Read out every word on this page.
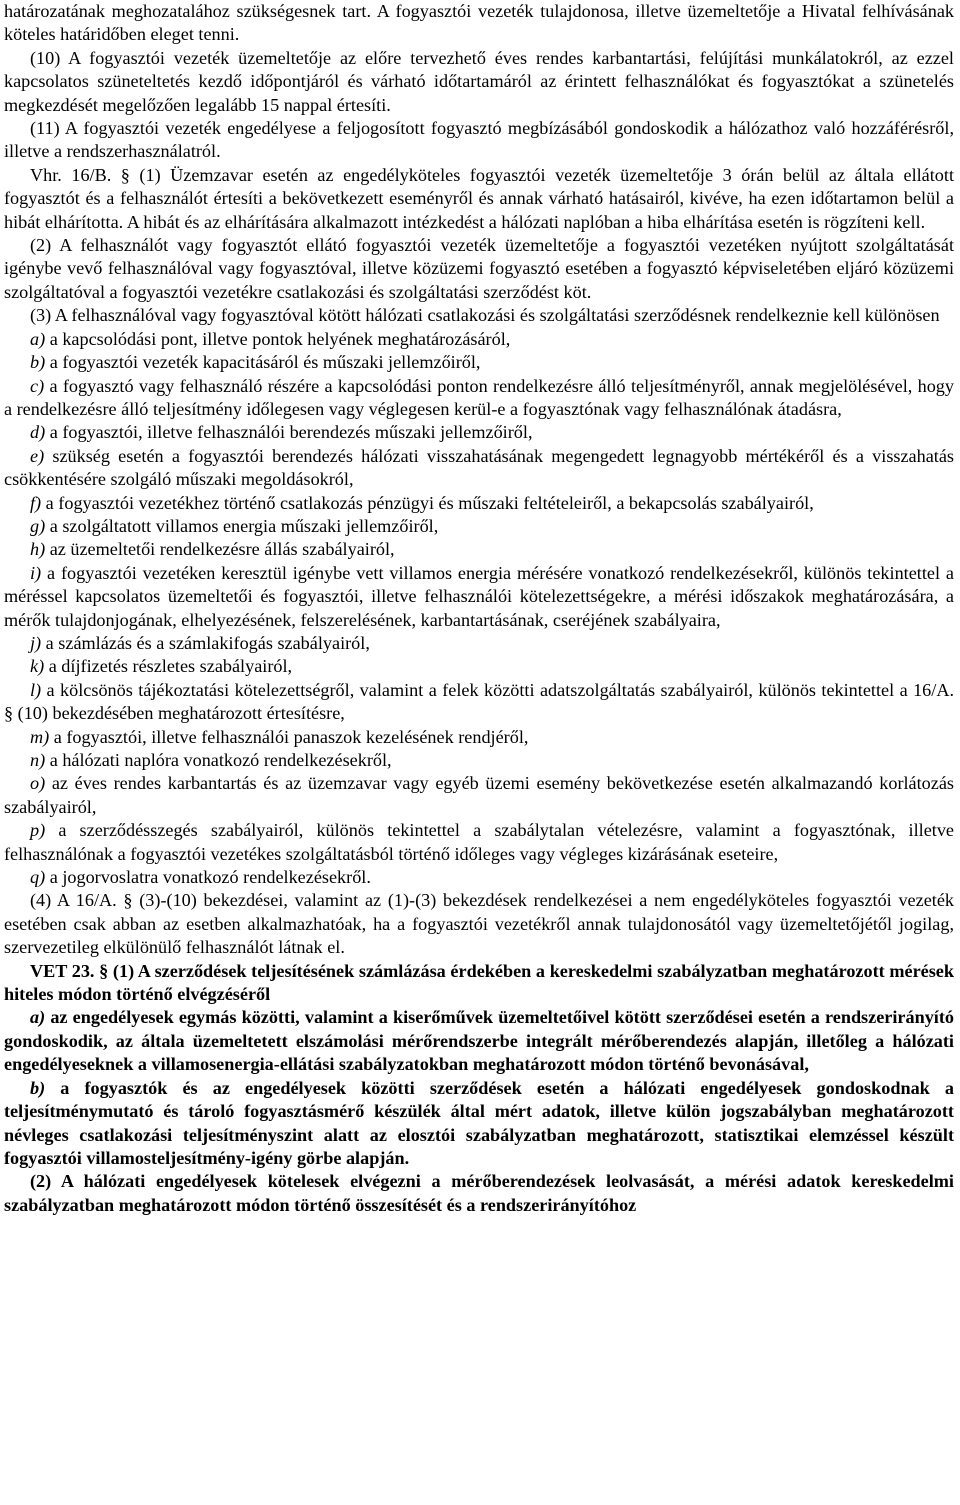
határozatának meghozatalához szükségesnek tart. A fogyasztói vezeték tulajdonosa, illetve üzemeltetője a Hivatal felhívásának köteles határidőben eleget tenni.

(10) A fogyasztói vezeték üzemeltetője az előre tervezhető éves rendes karbantartási, felújítási munkálatokról, az ezzel kapcsolatos szüneteltetés kezdő időpontjáról és várható időtartamáról az érintett felhasználókat és fogyasztókat a szünetelés megkezdését megelőzően legalább 15 nappal értesíti.

(11) A fogyasztói vezeték engedélyese a feljogosított fogyasztó megbízásából gondoskodik a hálózathoz való hozzáférésről, illetve a rendszerhasználatról.

Vhr. 16/B. § (1) Üzemzavar esetén az engedélyköteles fogyasztói vezeték üzemeltetője 3 órán belül az általa ellátott fogyasztót és a felhasználót értesíti a bekövetkezett eseményről és annak várható hatásairól, kivéve, ha ezen időtartamon belül a hibát elhárította. A hibát és az elhárítására alkalmazott intézkedést a hálózati naplóban a hiba elhárítása esetén is rögzíteni kell.

(2) A felhasználót vagy fogyasztót ellátó fogyasztói vezeték üzemeltetője a fogyasztói vezetéken nyújtott szolgáltatását igénybe vevő felhasználóval vagy fogyasztóval, illetve közüzemi fogyasztó esetében a fogyasztó képviseletében eljáró közüzemi szolgáltatóval a fogyasztói vezetékre csatlakozási és szolgáltatási szerződést köt.

(3) A felhasználóval vagy fogyasztóval kötött hálózati csatlakozási és szolgáltatási szerződésnek rendelkeznie kell különösen

a) a kapcsolódási pont, illetve pontok helyének meghatározásáról,

b) a fogyasztói vezeték kapacitásáról és műszaki jellemzőiről,

c) a fogyasztó vagy felhasználó részére a kapcsolódási ponton rendelkezésre álló teljesítményről, annak megjelölésével, hogy a rendelkezésre álló teljesítmény időlegesen vagy véglegesen kerül-e a fogyasztónak vagy felhasználónak átadásra,

d) a fogyasztói, illetve felhasználói berendezés műszaki jellemzőiről,

e) szükség esetén a fogyasztói berendezés hálózati visszahatásának megengedett legnagyobb mértékéről és a visszahatás csökkentésére szolgáló műszaki megoldásokról,

f) a fogyasztói vezetékhez történő csatlakozás pénzügyi és műszaki feltételeiről, a bekapcsolás szabályairól,

g) a szolgáltatott villamos energia műszaki jellemzőiről,

h) az üzemeltetői rendelkezésre állás szabályairól,

i) a fogyasztói vezetéken keresztül igénybe vett villamos energia mérésére vonatkozó rendelkezésekről, különös tekintettel a méréssel kapcsolatos üzemeltetői és fogyasztói, illetve felhasználói kötelezettségekre, a mérési időszakok meghatározására, a mérők tulajdonjogának, elhelyezésének, felszerelésének, karbantartásának, cseréjének szabályaira,

j) a számlázás és a számlakifogás szabályairól,

k) a díjfizetés részletes szabályairól,

l) a kölcsönös tájékoztatási kötelezettségről, valamint a felek közötti adatszolgáltatás szabályairól, különös tekintettel a 16/A. § (10) bekezdésében meghatározott értesítésre,

m) a fogyasztói, illetve felhasználói panaszok kezelésének rendjéről,

n) a hálózati naplóra vonatkozó rendelkezésekről,

o) az éves rendes karbantartás és az üzemzavar vagy egyéb üzemi esemény bekövetkezése esetén alkalmazandó korlátozás szabályairól,

p) a szerződésszegés szabályairól, különös tekintettel a szabálytalan vételezésre, valamint a fogyasztónak, illetve felhasználónak a fogyasztói vezetékes szolgáltatásból történő időleges vagy végleges kizárásának eseteire,

q) a jogorvoslatra vonatkozó rendelkezésekről.

(4) A 16/A. § (3)-(10) bekezdései, valamint az (1)-(3) bekezdések rendelkezései a nem engedélyköteles fogyasztói vezeték esetében csak abban az esetben alkalmazhatóak, ha a fogyasztói vezetékről annak tulajdonosától vagy üzemeltetőjétől jogilag, szervezetileg elkülönülő felhasználót látnak el.

VET 23. § (1) A szerződések teljesítésének számlázása érdekében a kereskedelmi szabályzatban meghatározott mérések hiteles módon történő elvégzéséről

a) az engedélyesek egymás közötti, valamint a kiserőművek üzemeltetőivel kötött szerződései esetén a rendszerirányító gondoskodik, az általa üzemeltetett elszámolási mérőrendszerbe integrált mérőberendezés alapján, illetőleg a hálózati engedélyeseknek a villamosenergia-ellátási szabályzatokban meghatározott módon történő bevonásával,

b) a fogyasztók és az engedélyesek közötti szerződések esetén a hálózati engedélyesek gondoskodnak a teljesítménymutató és tároló fogyasztásmérő készülék által mért adatok, illetve külön jogszabályban meghatározott névleges csatlakozási teljesítményszint alatt az elosztói szabályzatban meghatározott, statisztikai elemzéssel készült fogyasztói villamosteljesítmény-igény görbe alapján.

(2) A hálózati engedélyesek kötelesek elvégezni a mérőberendezések leolvasását, a mérési adatok kereskedelmi szabályzatban meghatározott módon történő összesítését és a rendszerirányítóhoz
